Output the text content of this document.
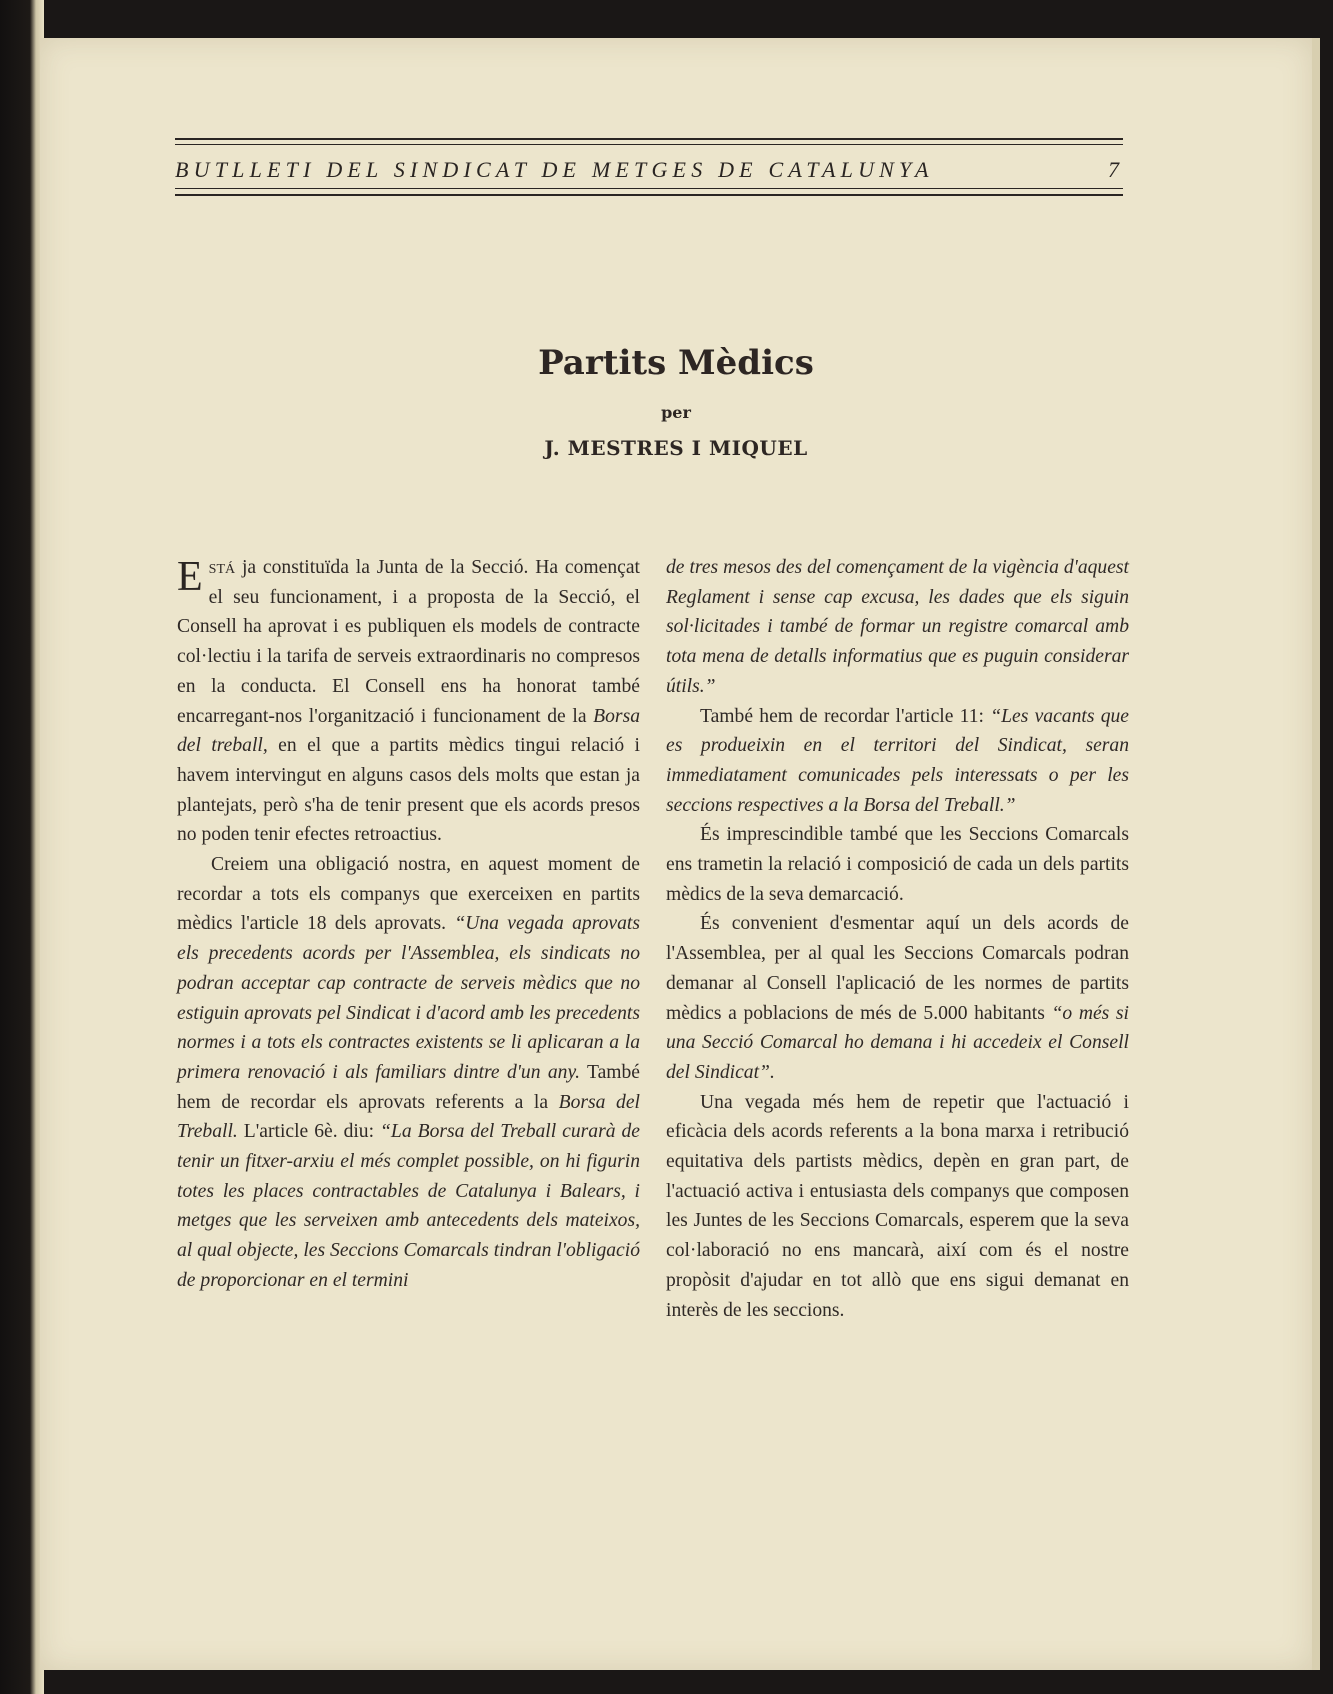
BUTLLETI DEL SINDICAT DE METGES DE CATALUNYA	7
Partits Mèdics
per
J. MESTRES I MIQUEL

Está ja constituïda la Junta de la Secció. Ha començat el seu funcionament, i a proposta de la Secció, el Consell ha aprovat i es publiquen els models de contracte col·lectiu i la tarifa de serveis extraordinaris no compresos en la conducta. El Consell ens ha honorat també encarregant-nos l'organització i funcionament de la Borsa del treball, en el que a partits mèdics tingui relació i havem intervingut en alguns casos dels molts que estan ja plantejats, però s'ha de tenir present que els acords presos no poden tenir efectes retroactius.

Creiem una obligació nostra, en aquest moment de recordar a tots els companys que exerceixen en partits mèdics l'article 18 dels aprovats. “Una vegada aprovats els precedents acords per l'Assemblea, els sindicats no podran acceptar cap contracte de serveis mèdics que no estiguin aprovats pel Sindicat i d'acord amb les precedents normes i a tots els contractes existents se li aplicaran a la primera renovació i als familiars dintre d'un any. També hem de recordar els aprovats referents a la Borsa del Treball. L'article 6è. diu: “La Borsa del Treball curarà de tenir un fitxer-arxiu el més complet possible, on hi figurin totes les places contractables de Catalunya i Balears, i metges que les serveixen amb antecedents dels mateixos, al qual objecte, les Seccions Comarcals tindran l'obligació de proporcionar en el termini

de tres mesos des del començament de la vigència d'aquest Reglament i sense cap excusa, les dades que els siguin sol·licitades i també de formar un registre comarcal amb tota mena de detalls informatius que es puguin considerar útils.”

També hem de recordar l'article 11: “Les vacants que es produeixin en el territori del Sindicat, seran immediatament comunicades pels interessats o per les seccions respectives a la Borsa del Treball.”

És imprescindible també que les Seccions Comarcals ens trametin la relació i composició de cada un dels partits mèdics de la seva demarcació.

És convenient d'esmentar aquí un dels acords de l'Assemblea, per al qual les Seccions Comarcals podran demanar al Consell l'aplicació de les normes de partits mèdics a poblacions de més de 5.000 habitants “o més si una Secció Comarcal ho demana i hi accedeix el Consell del Sindicat”.

Una vegada més hem de repetir que l'actuació i eficàcia dels acords referents a la bona marxa i retribució equitativa dels partists mèdics, depèn en gran part, de l'actuació activa i entusiasta dels companys que composen les Juntes de les Seccions Comarcals, esperem que la seva col·laboració no ens mancarà, així com és el nostre propòsit d'ajudar en tot allò que ens sigui demanat en interès de les seccions.
